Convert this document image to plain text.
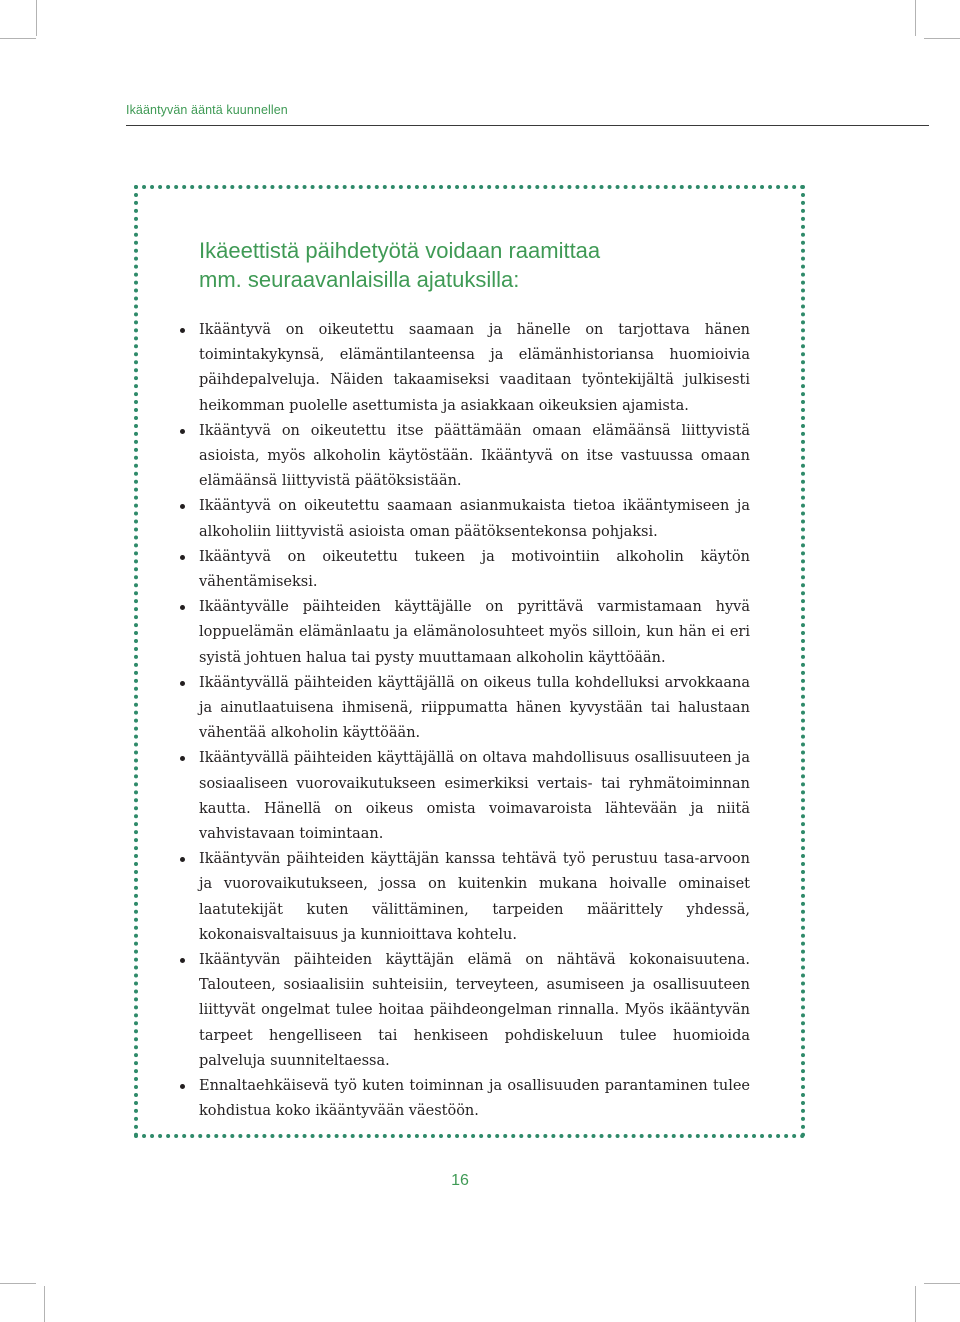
Ikääntyvän ääntä kuunnellen
Ikäeettistä päihdetyötä voidaan raamittaa
mm. seuraavanlaisilla ajatuksilla:
Ikääntyvä on oikeutettu saamaan ja hänelle on tarjottava hänen toimintakykynsä, elämäntilanteensa ja elämänhistoriansa huomioivia päihdepalveluja. Näiden takaamiseksi vaaditaan työntekijältä julkisesti heikomman puolelle asettumista ja asiakkaan oikeuksien ajamista.
Ikääntyvä on oikeutettu itse päättämään omaan elämäänsä liittyvistä asioista, myös alkoholin käytöstään. Ikääntyvä on itse vastuussa omaan elämäänsä liittyvistä päätöksistään.
Ikääntyvä on oikeutettu saamaan asianmukaista tietoa ikääntymiseen ja alkoholiin liittyvistä asioista oman päätöksentekonsa pohjaksi.
Ikääntyvä on oikeutettu tukeen ja motivointiin alkoholin käytön vähentämiseksi.
Ikääntyvälle päihteiden käyttäjälle on pyrittävä varmistamaan hyvä loppuelämän elämänlaatu ja elämänolosuhteet myös silloin, kun hän ei eri syistä johtuen halua tai pysty muuttamaan alkoholin käyttöään.
Ikääntyvällä päihteiden käyttäjällä on oikeus tulla kohdelluksi arvokkaana ja ainutlaatuisena ihmisenä, riippumatta hänen kyvystään tai halustaan vähentää alkoholin käyttöään.
Ikääntyvällä päihteiden käyttäjällä on oltava mahdollisuus osallisuuteen ja sosiaaliseen vuorovaikutukseen esimerkiksi vertais- tai ryhmätoiminnan kautta. Hänellä on oikeus omista voimavaroista lähtevään ja niitä vahvistavaan toimintaan.
Ikääntyvän päihteiden käyttäjän kanssa tehtävä työ perustuu tasa-arvoon ja vuorovaikutukseen, jossa on kuitenkin mukana hoivalle ominaiset laatutekijät kuten välittäminen, tarpeiden määrittely yhdessä, kokonaisvaltaisuus ja kunnioittava kohtelu.
Ikääntyvän päihteiden käyttäjän elämä on nähtävä kokonaisuutena. Talouteen, sosiaalisiin suhteisiin, terveyteen, asumiseen ja osallisuuteen liittyvät ongelmat tulee hoitaa päihdeongelman rinnalla. Myös ikääntyvän tarpeet hengelliseen tai henkiseen pohdiskeluun tulee huomioida palveluja suunniteltaessa.
Ennaltaehkäisevä työ kuten toiminnan ja osallisuuden parantaminen tulee kohdistua koko ikääntyvään väestöön.
16
